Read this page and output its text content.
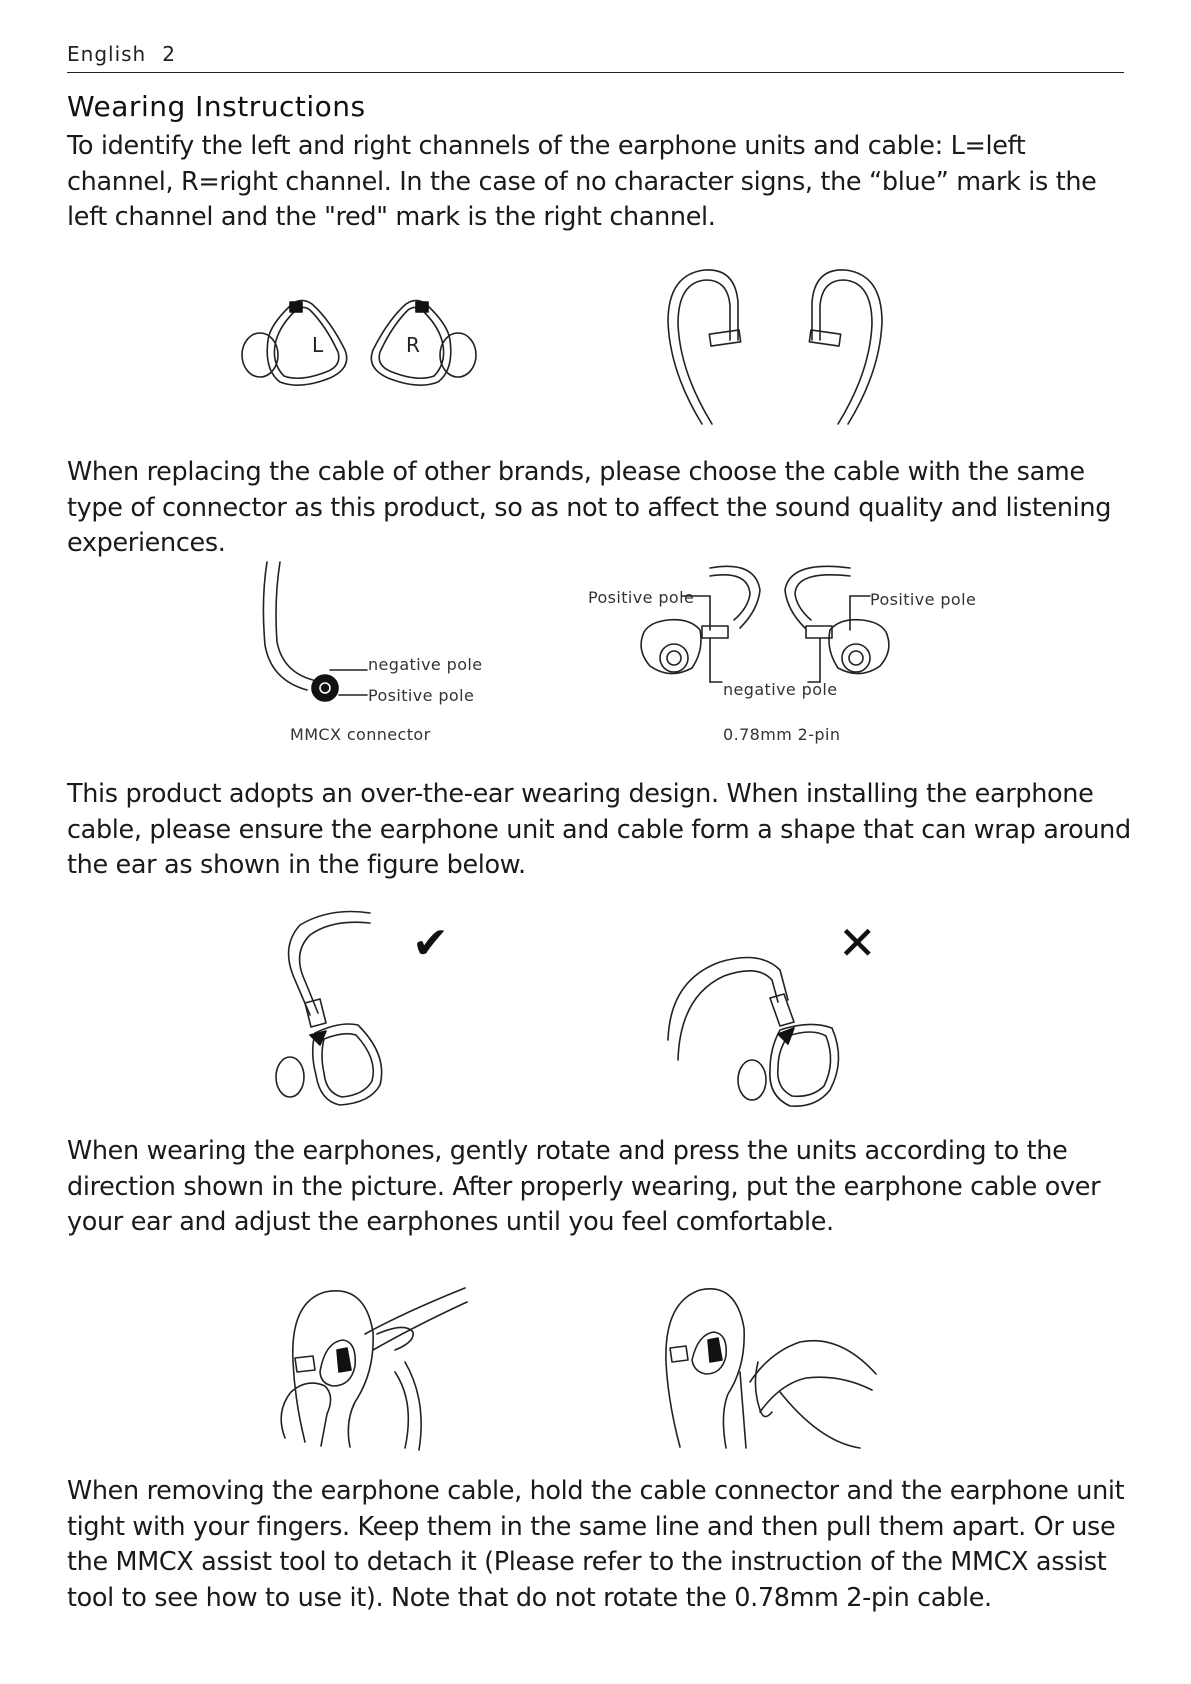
English 2
Wearing Instructions
To identify the left and right channels of the earphone units and cable: L=left channel, R=right channel. In the case of no character signs, the “blue” mark is the left channel and the "red" mark is the right channel.
L	R
When replacing the cable of other brands, please choose the cable with the same type of connector as this product, so as not to affect the sound quality and listening experiences.
negative pole
Positive pole
MMCX connector
Positive pole	Positive pole
negative pole
0.78mm 2-pin
This product adopts an over-the-ear wearing design. When installing the earphone cable, please ensure the earphone unit and cable form a shape that can wrap around the ear as shown in the figure below.
✔	✕
When wearing the earphones, gently rotate and press the units according to the direction shown in the picture. After properly wearing, put the earphone cable over your ear and adjust the earphones until you feel comfortable.
When removing the earphone cable, hold the cable connector and the earphone unit tight with your fingers. Keep them in the same line and then pull them apart. Or use the MMCX assist tool to detach it (Please refer to the instruction of the MMCX assist tool to see how to use it). Note that do not rotate the 0.78mm 2-pin cable.
